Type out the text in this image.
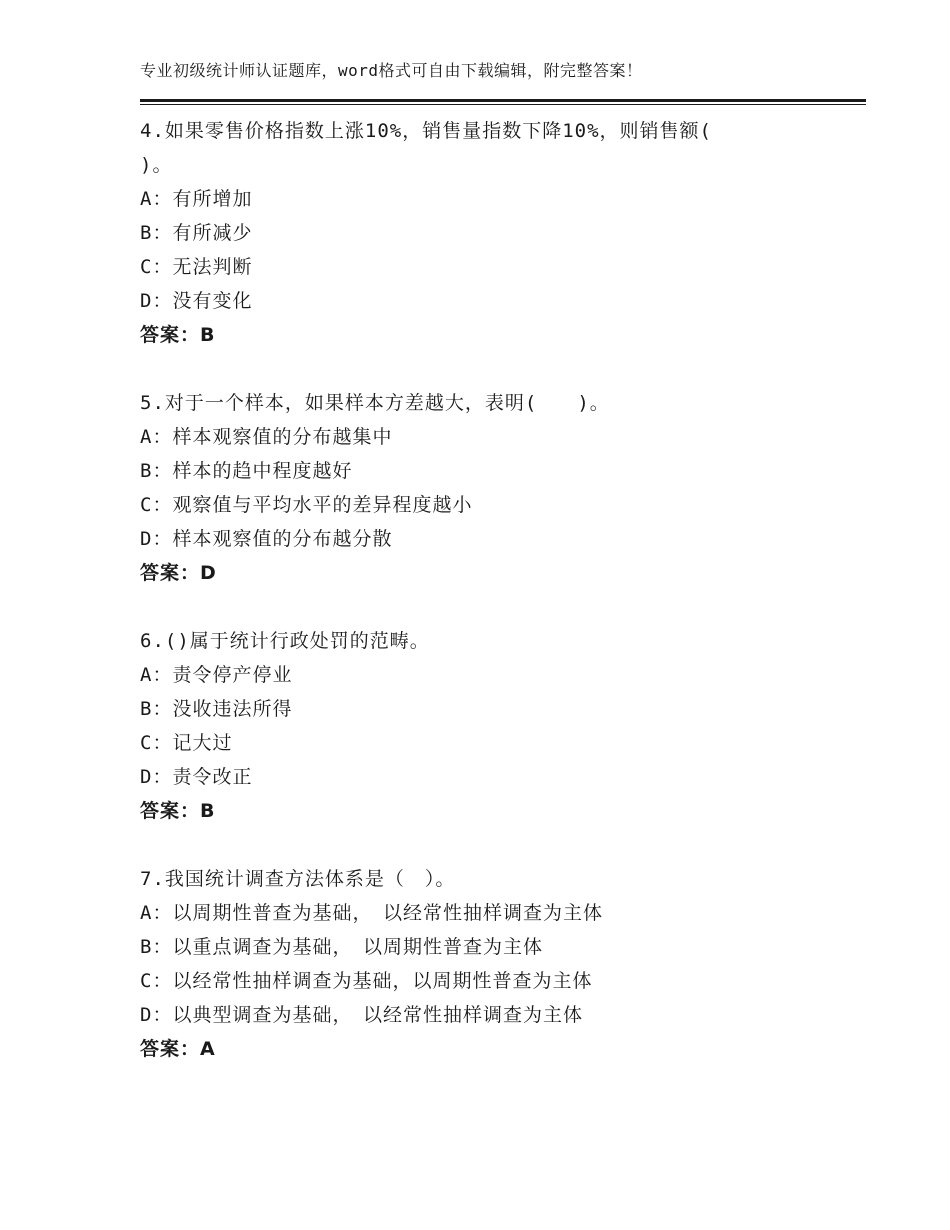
专业初级统计师认证题库，word格式可自由下载编辑，附完整答案！
4.如果零售价格指数上涨10%，销售量指数下降10%，则销售额(
)。
A：有所增加
B：有所减少
C：无法判断
D：没有变化
答案：B
5.对于一个样本，如果样本方差越大，表明(　　)。
A：样本观察值的分布越集中
B：样本的趋中程度越好
C：观察值与平均水平的差异程度越小
D：样本观察值的分布越分散
答案：D
6.()属于统计行政处罚的范畴。
A：责令停产停业
B：没收违法所得
C：记大过
D：责令改正
答案：B
7.我国统计调查方法体系是（　）。
A：以周期性普查为基础，　以经常性抽样调查为主体
B：以重点调查为基础，　以周期性普查为主体
C：以经常性抽样调查为基础，以周期性普查为主体
D：以典型调查为基础，　以经常性抽样调查为主体
答案：A
